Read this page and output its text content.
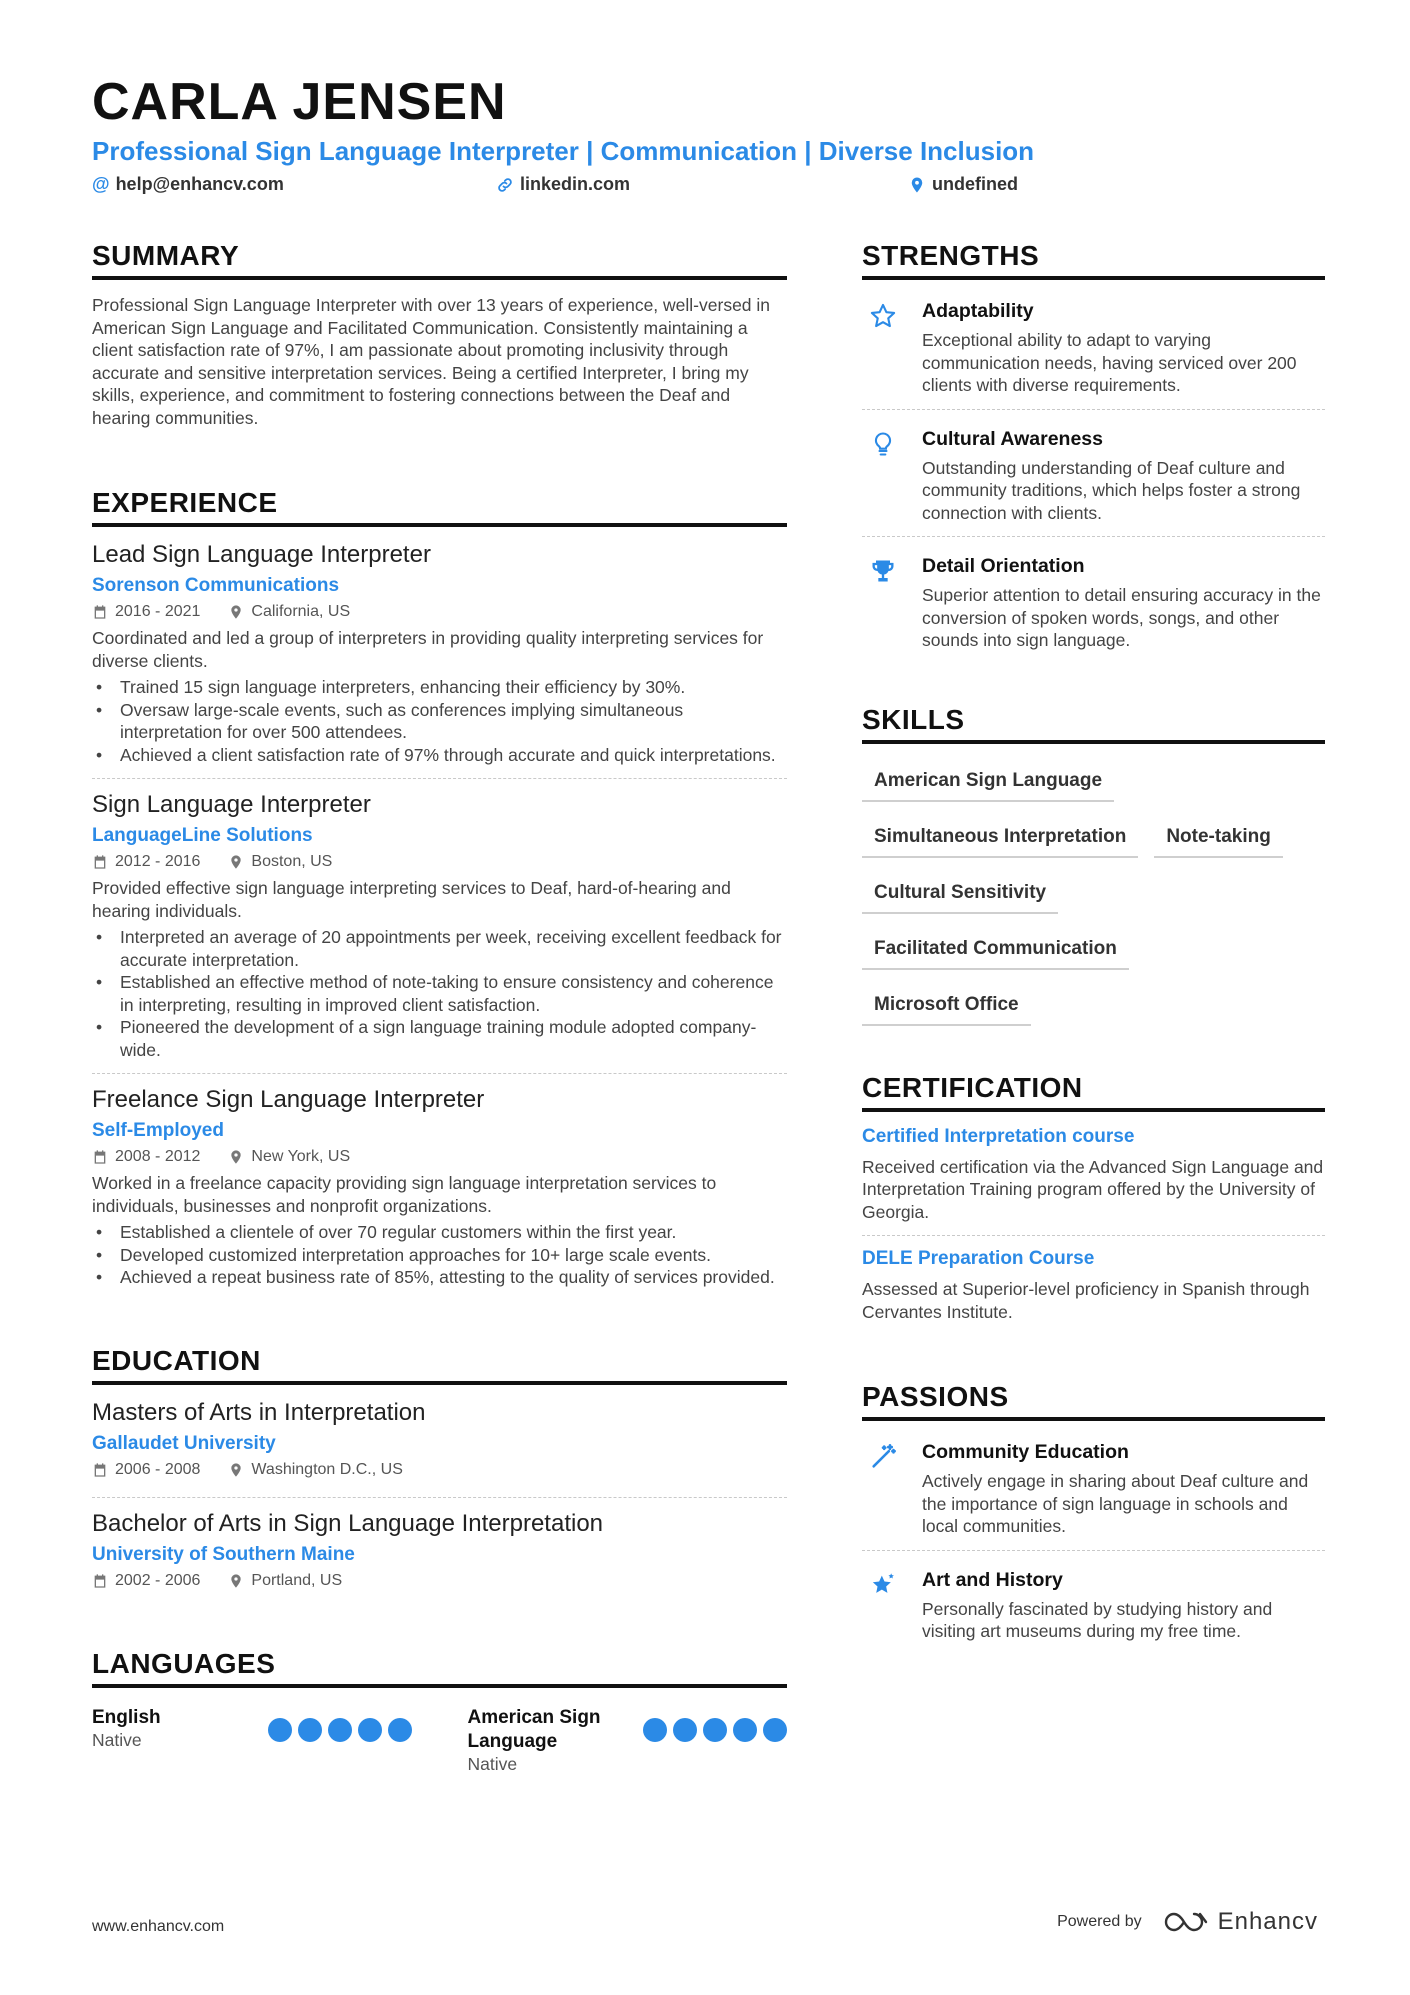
CARLA JENSEN
Professional Sign Language Interpreter | Communication | Diverse Inclusion
@ help@enhancv.com	linkedin.com	undefined
SUMMARY

Professional Sign Language Interpreter with over 13 years of experience, well-versed in American Sign Language and Facilitated Communication. Consistently maintaining a client satisfaction rate of 97%, I am passionate about promoting inclusivity through accurate and sensitive interpretation services. Being a certified Interpreter, I bring my skills, experience, and commitment to fostering connections between the Deaf and hearing communities.

EXPERIENCE
Lead Sign Language Interpreter
Sorenson Communications
2016 - 2021	California, US

Coordinated and led a group of interpreters in providing quality interpreting services for diverse clients.

• Trained 15 sign language interpreters, enhancing their efficiency by 30%.
• Oversaw large-scale events, such as conferences implying simultaneous interpretation for over 500 attendees.
• Achieved a client satisfaction rate of 97% through accurate and quick interpretations.
Sign Language Interpreter
LanguageLine Solutions
2012 - 2016	Boston, US

Provided effective sign language interpreting services to Deaf, hard-of-hearing and hearing individuals.

• Interpreted an average of 20 appointments per week, receiving excellent feedback for accurate interpretation.
• Established an effective method of note-taking to ensure consistency and coherence in interpreting, resulting in improved client satisfaction.
• Pioneered the development of a sign language training module adopted company-wide.
Freelance Sign Language Interpreter
Self-Employed
2008 - 2012	New York, US

Worked in a freelance capacity providing sign language interpretation services to individuals, businesses and nonprofit organizations.

• Established a clientele of over 70 regular customers within the first year.
• Developed customized interpretation approaches for 10+ large scale events.
• Achieved a repeat business rate of 85%, attesting to the quality of services provided.
EDUCATION
Masters of Arts in Interpretation
Gallaudet University
2006 - 2008	Washington D.C., US
Bachelor of Arts in Sign Language Interpretation
University of Southern Maine
2002 - 2006	Portland, US
LANGUAGES
English
Native
American Sign Language
Native
STRENGTHS
Adaptability

Exceptional ability to adapt to varying communication needs, having serviced over 200 clients with diverse requirements.

Cultural Awareness

Outstanding understanding of Deaf culture and community traditions, which helps foster a strong connection with clients.

Detail Orientation

Superior attention to detail ensuring accuracy in the conversion of spoken words, songs, and other sounds into sign language.

SKILLS
American Sign Language
Simultaneous Interpretation	Note-taking
Cultural Sensitivity
Facilitated Communication
Microsoft Office
CERTIFICATION
Certified Interpretation course

Received certification via the Advanced Sign Language and Interpretation Training program offered by the University of Georgia.

DELE Preparation Course

Assessed at Superior-level proficiency in Spanish through Cervantes Institute.

PASSIONS
Community Education

Actively engage in sharing about Deaf culture and the importance of sign language in schools and local communities.

Art and History

Personally fascinated by studying history and visiting art museums during my free time.

www.enhancv.com	Powered by	Enhancv
